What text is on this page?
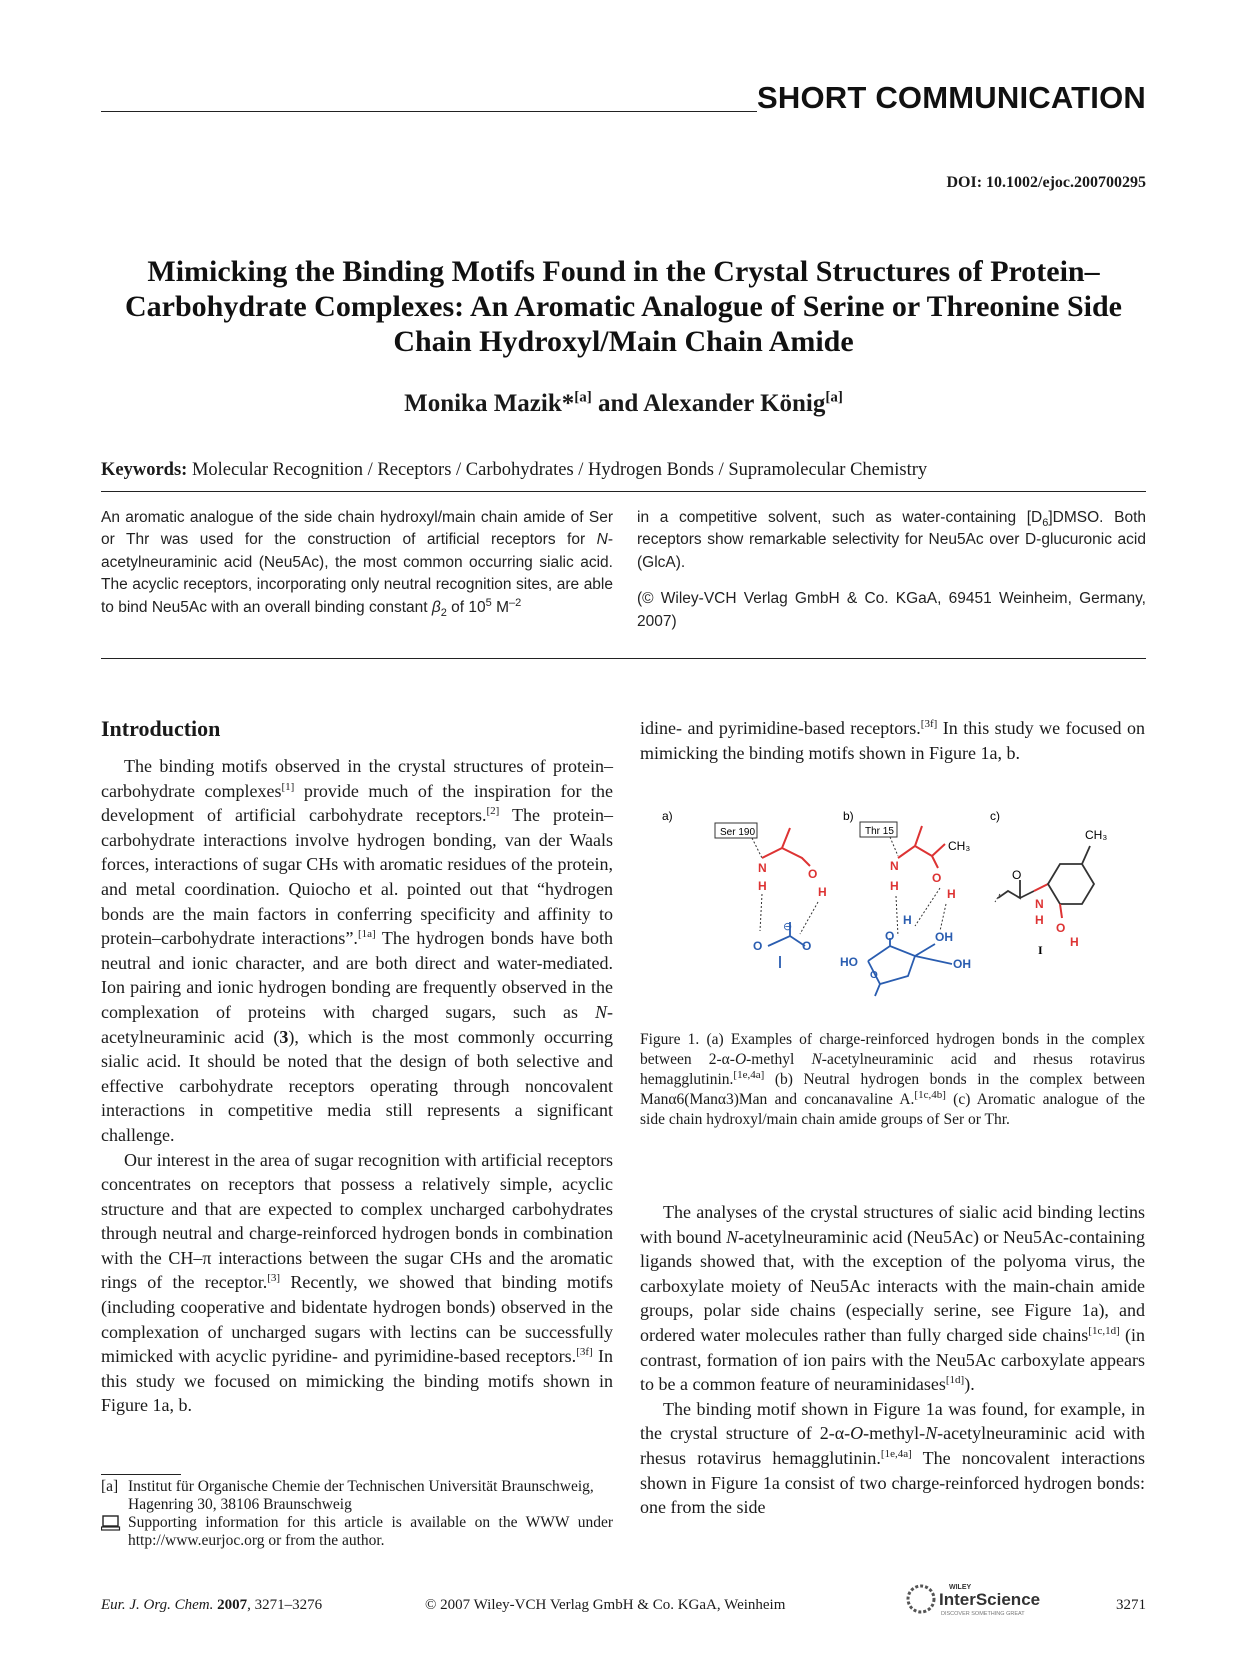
SHORT COMMUNICATION
DOI: 10.1002/ejoc.200700295
Mimicking the Binding Motifs Found in the Crystal Structures of Protein–Carbohydrate Complexes: An Aromatic Analogue of Serine or Threonine Side Chain Hydroxyl/Main Chain Amide
Monika Mazik*[a] and Alexander König[a]
Keywords: Molecular Recognition / Receptors / Carbohydrates / Hydrogen Bonds / Supramolecular Chemistry

An aromatic analogue of the side chain hydroxyl/main chain amide of Ser or Thr was used for the construction of artificial receptors for N-acetylneuraminic acid (Neu5Ac), the most common occurring sialic acid. The acyclic receptors, incorporating only neutral recognition sites, are able to bind Neu5Ac with an overall binding constant $\beta_2$ of $10^5$ $M^{-2}$

in a competitive solvent, such as water-containing $[D_6]DMSO$. Both receptors show remarkable selectivity for Neu5Ac over D-glucuronic acid (GlcA).

(© Wiley-VCH Verlag GmbH & Co. KGaA, 69451 Weinheim, Germany, 2007)

Introduction

The binding motifs observed in the crystal structures of protein–carbohydrate complexes[1] provide much of the inspiration for the development of artificial carbohydrate receptors.[2] The protein–carbohydrate interactions involve hydrogen bonding, van der Waals forces, interactions of sugar CHs with aromatic residues of the protein, and metal coordination. Quiocho et al. pointed out that “hydrogen bonds are the main factors in conferring specificity and affinity to protein–carbohydrate interactions”.[1a] The hydrogen bonds have both neutral and ionic character, and are both direct and water-mediated. Ion pairing and ionic hydrogen bonding are frequently observed in the complexation of proteins with charged sugars, such as N-acetylneuraminic acid (3), which is the most commonly occurring sialic acid. It should be noted that the design of both selective and effective carbohydrate receptors operating through noncovalent interactions in competitive media still represents a significant challenge.

Our interest in the area of sugar recognition with artificial receptors concentrates on receptors that possess a relatively simple, acyclic structure and that are expected to complex uncharged carbohydrates through neutral and charge-reinforced hydrogen bonds in combination with the CH–π interactions between the sugar CHs and the aromatic rings of the receptor.[3] Recently, we showed that binding motifs (including cooperative and bidentate hydrogen bonds) observed in the complexation of uncharged sugars with lectins can be successfully mimicked with acyclic pyridine- and pyrimidine-based receptors.[3f] In this study we focused on mimicking the binding motifs shown in Figure 1a, b.

[a] Institut für Organische Chemie der Technischen Universität Braunschweig,
Hagenring 30, 38106 Braunschweig
Supporting information for this article is available on the WWW under http://www.eurjoc.org or from the author.

idine- and pyrimidine-based receptors.[3f] In this study we focused on mimicking the binding motifs shown in Figure 1a, b.

a)	b)	c)
Ser 190
N
H
O
H
O	O
⊖
Thr 15
CH₃
N
H
O
H
H
O	OH
HO
O
OH
O
N
H
CH₃
O
H
I
Figure 1. (a) Examples of charge-reinforced hydrogen bonds in the complex between 2-α-O-methyl N-acetylneuraminic acid and rhesus rotavirus hemagglutinin.[1e,4a] (b) Neutral hydrogen bonds in the complex between Manα6(Manα3)Man and concanavaline A.[1c,4b] (c) Aromatic analogue of the side chain hydroxyl/main chain amide groups of Ser or Thr.

The analyses of the crystal structures of sialic acid binding lectins with bound N-acetylneuraminic acid (Neu5Ac) or Neu5Ac-containing ligands showed that, with the exception of the polyoma virus, the carboxylate moiety of Neu5Ac interacts with the main-chain amide groups, polar side chains (especially serine, see Figure 1a), and ordered water molecules rather than fully charged side chains[1c,1d] (in contrast, formation of ion pairs with the Neu5Ac carboxylate appears to be a common feature of neuraminidases[1d]).

The binding motif shown in Figure 1a was found, for example, in the crystal structure of 2-α-O-methyl-N-acetylneuraminic acid with rhesus rotavirus hemagglutinin.[1e,4a] The noncovalent interactions shown in Figure 1a consist of two charge-reinforced hydrogen bonds: one from the side

Eur. J. Org. Chem. 2007, 3271–3276	© 2007 Wiley-VCH Verlag GmbH & Co. KGaA, Weinheim
WILEY
InterScience
DISCOVER SOMETHING GREAT
3271
